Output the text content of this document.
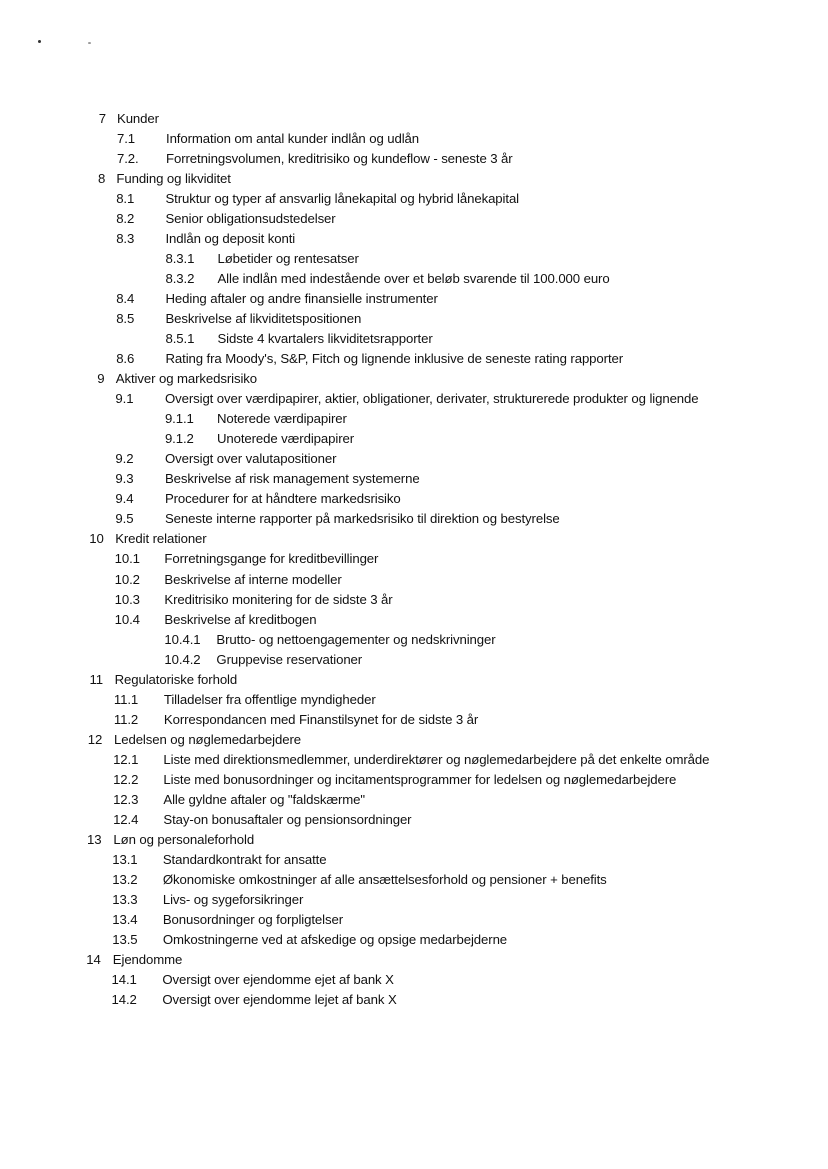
7 Kunder
7.1 Information om antal kunder indlån og udlån
7.2. Forretningsvolumen, kreditrisiko og kundeflow - seneste 3 år
8 Funding og likviditet
8.1 Struktur og typer af ansvarlig lånekapital og hybrid lånekapital
8.2 Senior obligationsudstedelser
8.3 Indlån og deposit konti
8.3.1 Løbetider og rentesatser
8.3.2 Alle indlån med indestående over et beløb svarende til 100.000 euro
8.4 Heding aftaler og andre finansielle instrumenter
8.5 Beskrivelse af likviditetspositionen
8.5.1 Sidste 4 kvartalers likviditetsrapporter
8.6 Rating fra Moody's, S&P, Fitch og lignende inklusive de seneste rating rapporter
9 Aktiver og markedsrisiko
9.1 Oversigt over værdipapirer, aktier, obligationer, derivater, strukturerede produkter og lignende
9.1.1 Noterede værdipapirer
9.1.2 Unoterede værdipapirer
9.2 Oversigt over valutapositioner
9.3 Beskrivelse af risk management systemerne
9.4 Procedurer for at håndtere markedsrisiko
9.5 Seneste interne rapporter på markedsrisiko til direktion og bestyrelse
10 Kredit relationer
10.1 Forretningsgange for kreditbevillinger
10.2 Beskrivelse af interne modeller
10.3 Kreditrisiko monitering for de sidste 3 år
10.4 Beskrivelse af kreditbogen
10.4.1 Brutto- og nettoengagementer og nedskrivninger
10.4.2 Gruppevise reservationer
11 Regulatoriske forhold
11.1 Tilladelser fra offentlige myndigheder
11.2 Korrespondancen med Finanstilsynet for de sidste 3 år
12 Ledelsen og nøglemedarbejdere
12.1 Liste med direktionsmedlemmer, underdirektører og nøglemedarbejdere på det enkelte område
12.2 Liste med bonusordninger og incitamentsprogrammer for ledelsen og nøglemedarbejdere
12.3 Alle gyldne aftaler og "faldskærme"
12.4 Stay-on bonusaftaler og pensionsordninger
13 Løn og personaleforhold
13.1 Standardkontrakt for ansatte
13.2 Økonomiske omkostninger af alle ansættelsesforhold og pensioner + benefits
13.3 Livs- og sygeforsikringer
13.4 Bonusordninger og forpligtelser
13.5 Omkostningerne ved at afskedige og opsige medarbejderne
14 Ejendomme
14.1 Oversigt over ejendomme ejet af bank X
14.2 Oversigt over ejendomme lejet af bank X
